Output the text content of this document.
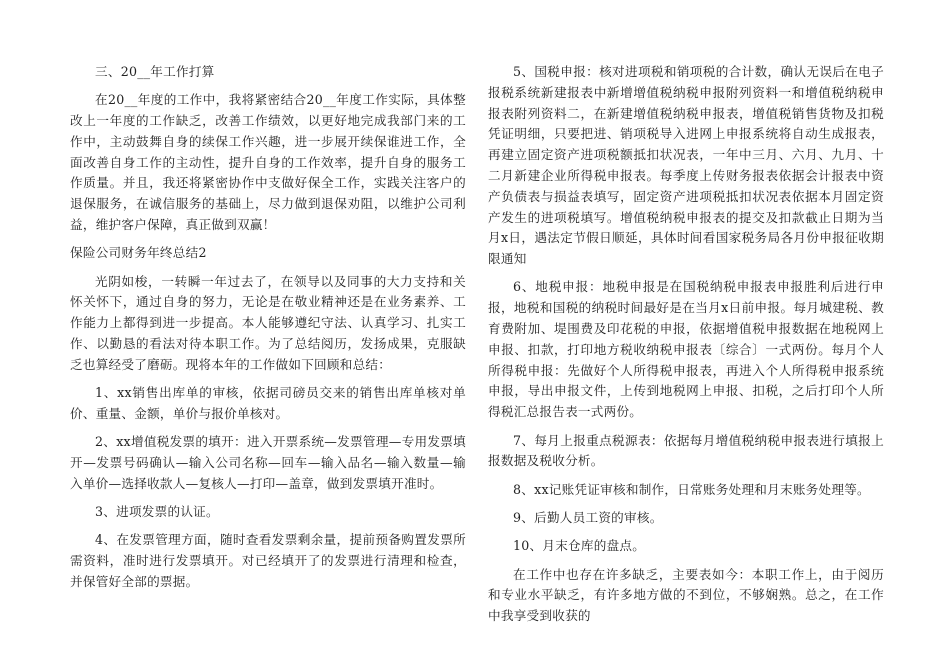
三、20__年工作打算

在20__年度的工作中，我将紧密结合20__年度工作实际，具体整改上一年度的工作缺乏，改善工作绩效，以更好地完成我部门来的工作中，主动鼓舞自身的续保工作兴趣，进一步展开续保谁进工作，全面改善自身工作的主动性，提升自身的工作效率，提升自身的服务工作质量。并且，我还将紧密协作中支做好保全工作，实践关注客户的退保服务，在诚信服务的基础上，尽力做到退保劝阻，以维护公司利益，维护客户保障，真正做到双赢！

保险公司财务年终总结2

光阴如梭，一转瞬一年过去了，在领导以及同事的大力支持和关怀关怀下，通过自身的努力，无论是在敬业精神还是在业务素养、工作能力上都得到进一步提高。本人能够遵纪守法、认真学习、扎实工作、以勤恳的看法对待本职工作。为了总结阅历，发扬成果，克服缺乏也算经受了磨砺。现将本年的工作做如下回顾和总结：

1、xx销售出库单的审核，依据司磅员交来的销售出库单核对单价、重量、金额，单价与报价单核对。

2、xx增值税发票的填开：进入开票系统—发票管理—专用发票填开—发票号码确认—输入公司名称—回车—输入品名—输入数量—输入单价—选择收款人—复核人—打印—盖章，做到发票填开准时。

3、进项发票的认证。

4、在发票管理方面，随时查看发票剩余量，提前预备购置发票所需资料，准时进行发票填开。对已经填开了的发票进行清理和检查，并保管好全部的票据。

5、国税申报：核对进项税和销项税的合计数，确认无误后在电子报税系统新建报表中新增增值税纳税申报附列资料一和增值税纳税申报表附列资料二，在新建增值税纳税申报表，增值税销售货物及扣税凭证明细，只要把进、销项税导入进网上申报系统将自动生成报表，再建立固定资产进项税额抵扣状况表，一年中三月、六月、九月、十二月新建企业所得税申报表。每季度上传财务报表依据会计报表中资产负债表与损益表填写，固定资产进项税抵扣状况表依据本月固定资产发生的进项税填写。增值税纳税申报表的提交及扣款截止日期为当月x日，遇法定节假日顺延，具体时间看国家税务局各月份申报征收期限通知

6、地税申报：地税申报是在国税纳税申报表申报胜利后进行申报，地税和国税的纳税时间最好是在当月x日前申报。每月城建税、教育费附加、堤围费及印花税的申报，依据增值税申报数据在地税网上申报、扣款，打印地方税收纳税申报表〔综合〕一式两份。每月个人所得税申报：先做好个人所得税申报表，再进入个人所得税申报系统申报，导出申报文件，上传到地税网上申报、扣税，之后打印个人所得税汇总报告表一式两份。

7、每月上报重点税源表：依据每月增值税纳税申报表进行填报上报数据及税收分析。

8、xx记账凭证审核和制作，日常账务处理和月末账务处理等。

9、后勤人员工资的审核。

10、月末仓库的盘点。

在工作中也存在许多缺乏，主要表如今：本职工作上，由于阅历和专业水平缺乏，有许多地方做的不到位，不够娴熟。总之，在工作中我享受到收获的
